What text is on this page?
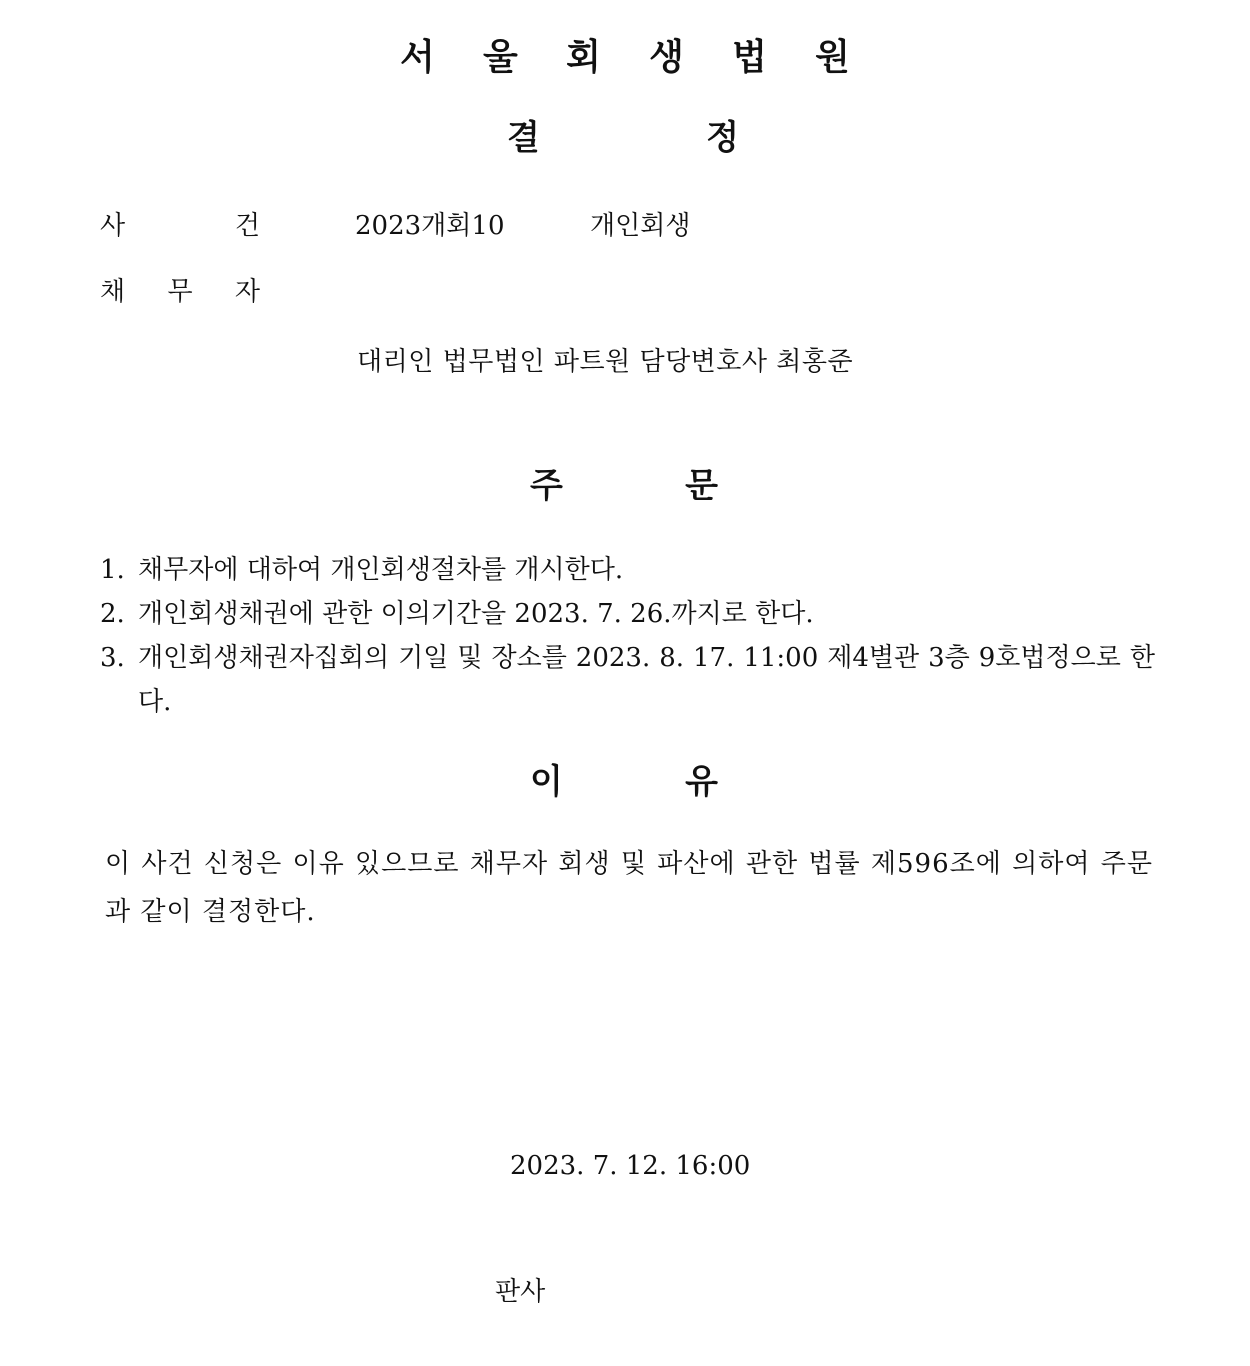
서 울 회 생 법 원
결	정
사	건	2023개회10	개인회생
채 무 자
대리인 법무법인 파트원 담당변호사 최홍준
주	문
1. 채무자에 대하여 개인회생절차를 개시한다.
2. 개인회생채권에 관한 이의기간을 2023. 7. 26.까지로 한다.
3. 개인회생채권자집회의 기일 및 장소를 2023. 8. 17. 11:00 제4별관 3층 9호법정으로 한다.
이	유
이 사건 신청은 이유 있으므로 채무자 회생 및 파산에 관한 법률 제596조에 의하여 주문과 같이 결정한다.
2023. 7. 12. 16:00
판사
